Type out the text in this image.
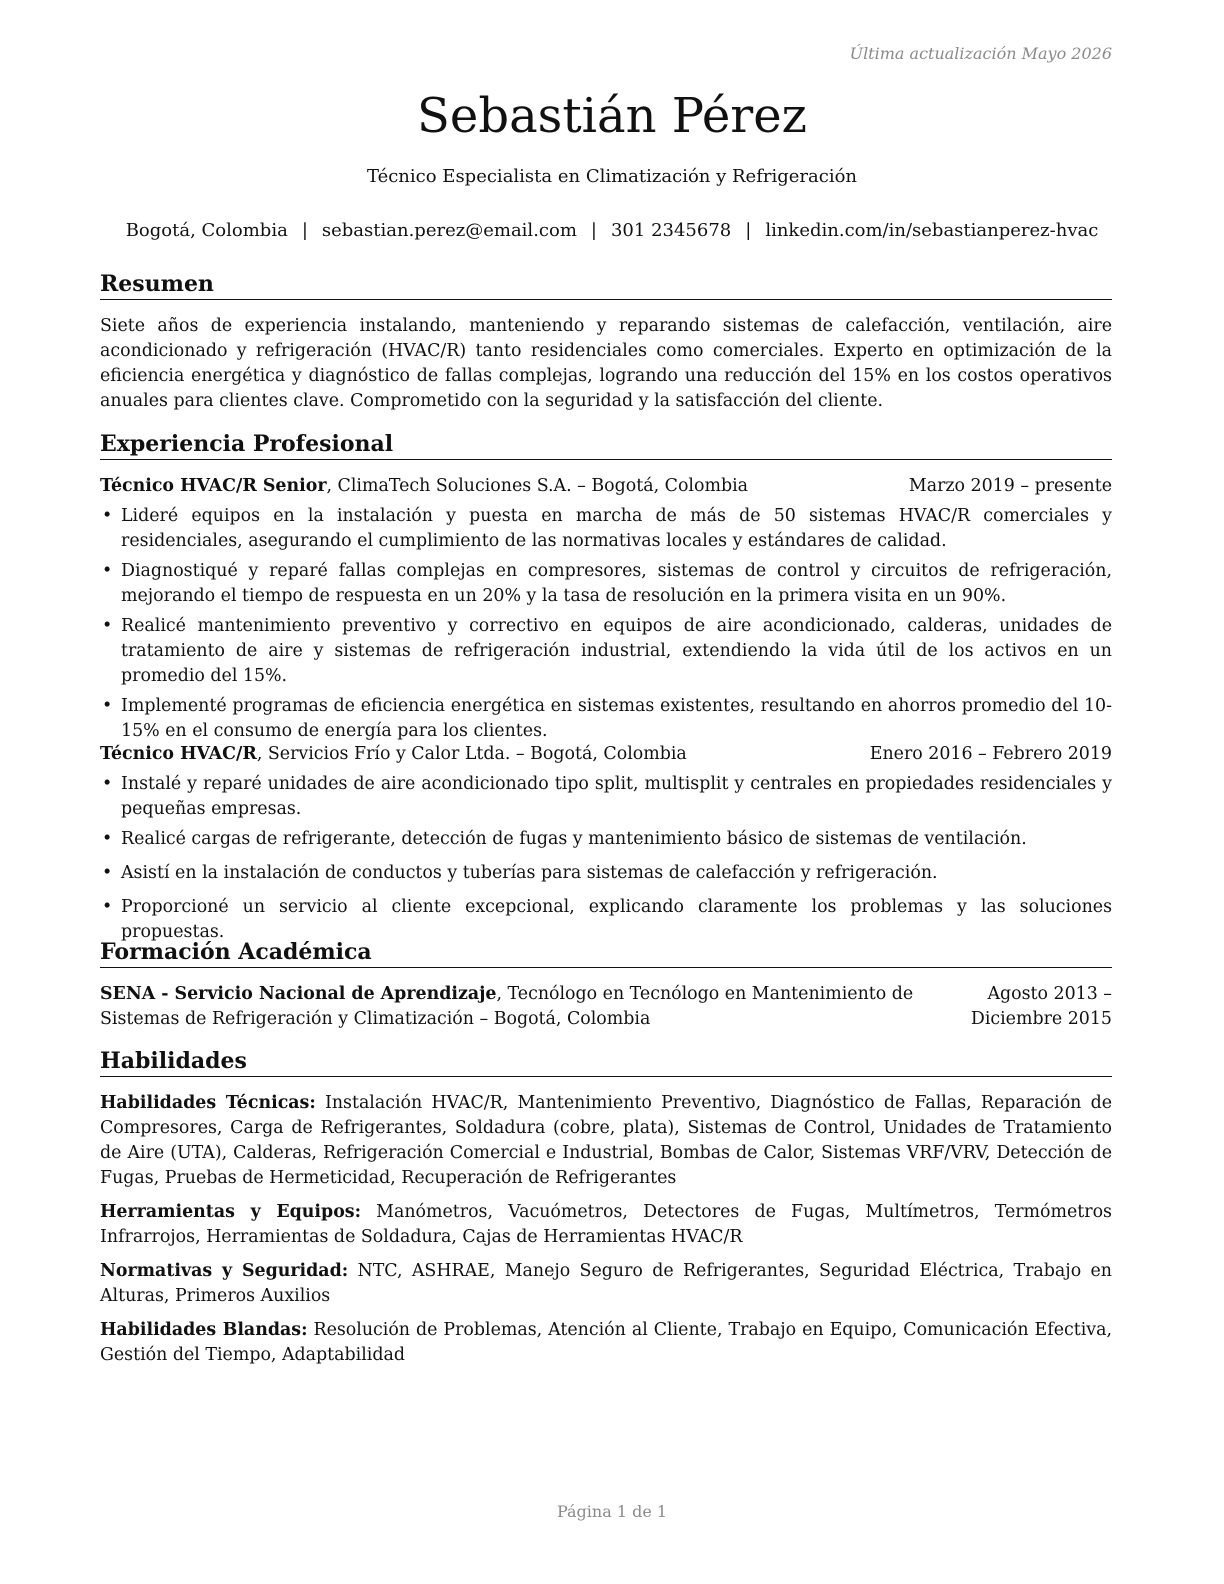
Última actualización Mayo 2026
Sebastián Pérez
Técnico Especialista en Climatización y Refrigeración
Bogotá, Colombia | sebastian.perez@email.com | 301 2345678 | linkedin.com/in/sebastianperez-hvac
Resumen

Siete años de experiencia instalando, manteniendo y reparando sistemas de calefacción, ventilación, aire acondicionado y refrigeración (HVAC/R) tanto residenciales como comerciales. Experto en optimización de la eficiencia energética y diagnóstico de fallas complejas, logrando una reducción del 15% en los costos operativos anuales para clientes clave. Comprometido con la seguridad y la satisfacción del cliente.

Experiencia Profesional
Técnico HVAC/R Senior, ClimaTech Soluciones S.A. – Bogotá, Colombia	Marzo 2019 – presente
• Lideré equipos en la instalación y puesta en marcha de más de 50 sistemas HVAC/R comerciales y residenciales, asegurando el cumplimiento de las normativas locales y estándares de calidad.
• Diagnostiqué y reparé fallas complejas en compresores, sistemas de control y circuitos de refrigeración, mejorando el tiempo de respuesta en un 20% y la tasa de resolución en la primera visita en un 90%.
• Realicé mantenimiento preventivo y correctivo en equipos de aire acondicionado, calderas, unidades de tratamiento de aire y sistemas de refrigeración industrial, extendiendo la vida útil de los activos en un promedio del 15%.
• Implementé programas de eficiencia energética en sistemas existentes, resultando en ahorros promedio del 10-15% en el consumo de energía para los clientes.
Técnico HVAC/R, Servicios Frío y Calor Ltda. – Bogotá, Colombia	Enero 2016 – Febrero 2019
• Instalé y reparé unidades de aire acondicionado tipo split, multisplit y centrales en propiedades residenciales y pequeñas empresas.
• Realicé cargas de refrigerante, detección de fugas y mantenimiento básico de sistemas de ventilación.
• Asistí en la instalación de conductos y tuberías para sistemas de calefacción y refrigeración.
• Proporcioné un servicio al cliente excepcional, explicando claramente los problemas y las soluciones propuestas.
Formación Académica
SENA - Servicio Nacional de Aprendizaje, Tecnólogo en Tecnólogo en Mantenimiento de Sistemas de Refrigeración y Climatización – Bogotá, Colombia
Agosto 2013 – Diciembre 2015
Habilidades

Habilidades Técnicas: Instalación HVAC/R, Mantenimiento Preventivo, Diagnóstico de Fallas, Reparación de Compresores, Carga de Refrigerantes, Soldadura (cobre, plata), Sistemas de Control, Unidades de Tratamiento de Aire (UTA), Calderas, Refrigeración Comercial e Industrial, Bombas de Calor, Sistemas VRF/VRV, Detección de Fugas, Pruebas de Hermeticidad, Recuperación de Refrigerantes

Herramientas y Equipos: Manómetros, Vacuómetros, Detectores de Fugas, Multímetros, Termómetros Infrarrojos, Herramientas de Soldadura, Cajas de Herramientas HVAC/R

Normativas y Seguridad: NTC, ASHRAE, Manejo Seguro de Refrigerantes, Seguridad Eléctrica, Trabajo en Alturas, Primeros Auxilios

Habilidades Blandas: Resolución de Problemas, Atención al Cliente, Trabajo en Equipo, Comunicación Efectiva, Gestión del Tiempo, Adaptabilidad

Página 1 de 1
